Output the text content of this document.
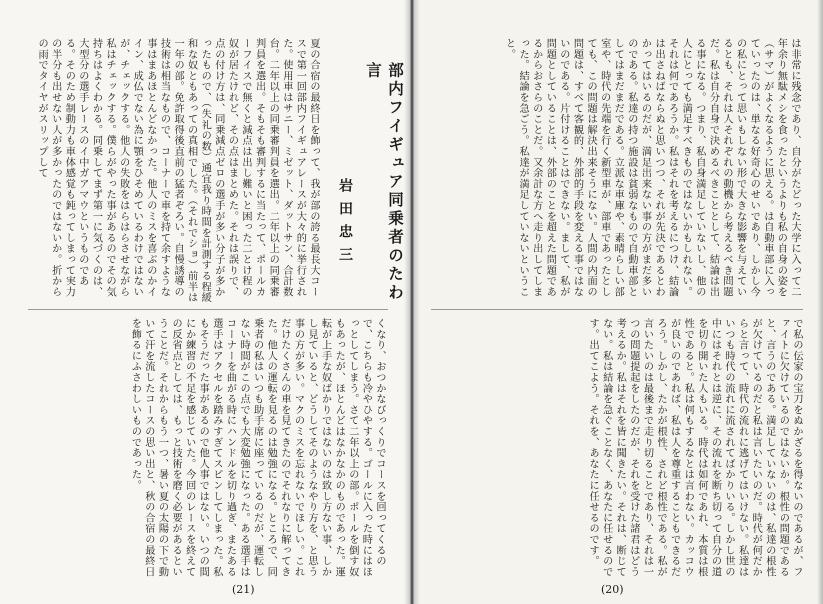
部内フイギュア同乗者のたわ言
岩田忠三
夏の合宿の最終日を飾って、我が部の誇る最長大コースで第一回部内フイギュアレースが大々的に挙行された。使用車はサニー、ミゼット、ダットサン、合計数台。二年以上の同乗審判員を選出。二年以上の同乗審判員を選出。そもそも審判するに当たって、ポールカーフイスで無くと減点は出し難いと困った二とけ程の奴が居たけれど、その点はまとめた。それは誤りで、点の付け方は、同乗減点ゼロの選手が多い分子が多かったもので、（失礼の数）通宜我り時間を計測する程緩和な奴ともあっての真相でした。（それでショ）前半は一年の部。免許取得後直前の猛者ぞろい。自慢誘導の技術は相当なもので、コーナーで車を持て余すような事はまあほとんどなかった。他人のミスを喜ぶのかイイン、成仏でない為に顎をひそめているわけではないが、チェックする。他人の失敗をはらはらさせながら私はチェックする。僕らがやった事があるのでその気持ちはよくわかる。同乗してまず第一に気づくのは、大型分の選手レースのイ中ガアマウというものである。そのため制動力も車体感覚も鈍ってしまって実力の半分も出せない人が多かったのではないか。折からの雨でタイヤがスリップして
くなり、おつかなびっくりでコースを回ってくるので、こちらも冷やひやする。ゴールに入った時にはほっとしてしまう。さて二年以上の部。ポールを倒す奴もあったが、ほとんどはなかなかのものであった。運転が上手な奴ばかりではないのは致し方ない事、しかし見ていると、どうしてそのようなやり方を、と思う事の方が多い。マクのミスを忘れないでほしい。これだけたくさんの車を見てきたのでそれなりに解ってきた。他人の運転を見るのは勉強になる。ところで、同乗者の私はいつも助手席に座っているのだが、運転しない時間がこの点でも大変勉強になった。ある選手はコーナーを曲がる時にハンドルを切り過ぎ、またある選手はアクセルを踏みすぎてスピンしてしまった。私もそうだった事があるので他人事ではない。いつの間にか練習の不足を感じていた。今回のレースを終えての反省点としては、もっと技術を磨く必要があるということだ。それからもう一つ、暑い夏の太陽の下で動いて汗を流したコースの思い出と、秋の合宿の最終日を飾るにふさわしいものであった。
(21)
は非常に残念であり、自分がたどった大学に入って二年余り無駄メシを食ったというよりも私の自身の姿を（サマ）がよくなるように思える。は自動車部に入っていったのは、単なる好奇心のせいであり、しかし今の私にとって思いもしない形で大きな影響を与えているとも、それは人それぞれの動機から考えるべき問題だ。私は自分自身で決めるべきこととして、結論は出る事になる。つまり、私自身満足していないし、他の人にとっても満足すべきものではないかもしれない。それは何であろうか。私はそれを考えるにつけ、結論は出さねばならぬと思いつつ、それが先決であるとわかってはいるのだが、満足出来ない事の方がまだ多いのである。私達の持つ施設は貧弱なもので自動車部としてはまだまだである。立派な車庫や、素晴らしい部室や、時代の先端を行く新型車が、部車であったとしても、この問題は解決出来そうにない。人間の内面の問題は、すべて客観的、外部的手段を変える事ではないのである。片付けることはできない。まして、私が問題としていることは、外部のことを超えた問題であるからおさらのことだ。又余計な方へ走り出してしまった。結論を急ごう。私達が満足していないということ。
で私の伝家の宝刀をぬかざるを得ないのであるが、ファイトに欠けているのではないか。根性の問題であると、言うのである。満足していないのは、私達の根性が欠けているのだと私は言いたいのだ。時代が何だからと言って、時代の流れに逃げてはいけない。私達はいつも時代の流れに流されてばかりいる。しかし世の中にはそれとは逆に、その流れを断ち切って自分の道を切り開いた人もいる。時代は如何であれ、本質は根性であると。私は何もするなとは言わない。カッコウが良いのであれば、私は人を尊重することもできるだろう。しかし、たかが根性、されど根性である。私が言いたいのは最後まで走り切ることであり、それは一つの問題提起をしたのだが、それを受けた諸君はどう考えるか。私はそれを皆に聞きたい。それは、断じてない。私は結論を急ぐことなく、あなたに任せるのです。出てこよう。それを、あなたに任せるのです。
(20)
